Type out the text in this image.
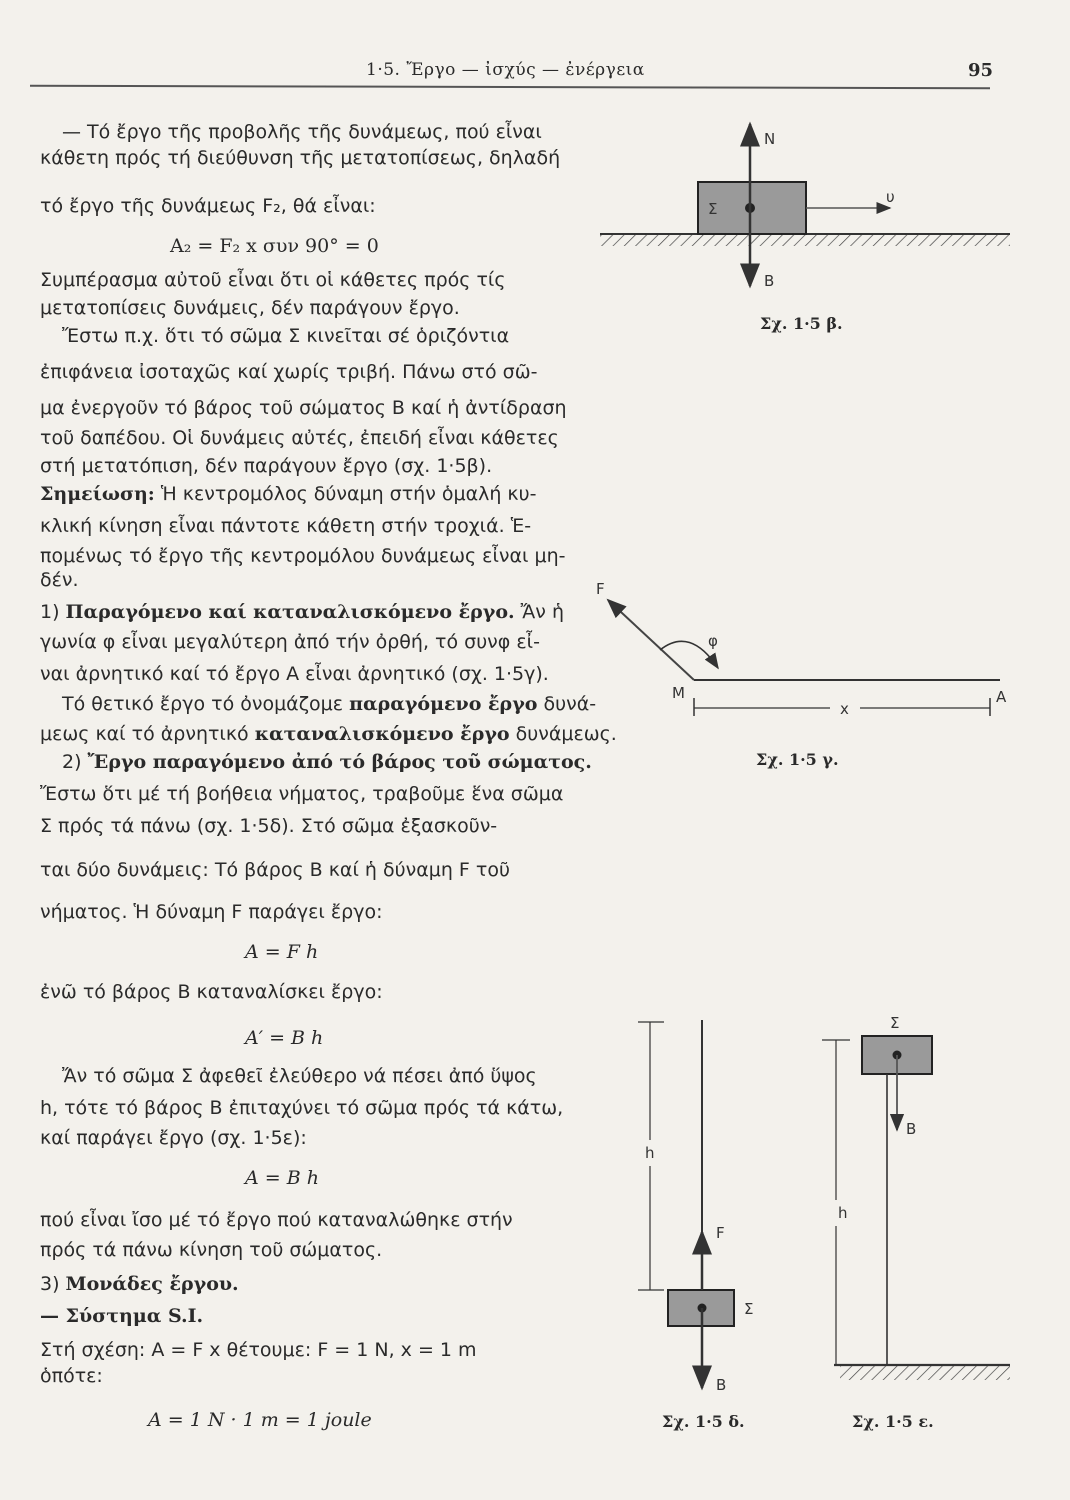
1·5. Ἔργο — ἰσχύς — ἐνέργεια	95
— Τό ἔργο τῆς προβολῆς τῆς δυνάμεως, πού εἶναι
κάθετη πρός τή διεύθυνση τῆς μετατοπίσεως, δηλαδή
τό ἔργο τῆς δυνάμεως F₂, θά εἶναι:
A₂ = F₂ x συν 90° = 0
Συμπέρασμα αὐτοῦ εἶναι ὅτι οἱ κάθετες πρός τίς
μετατοπίσεις δυνάμεις, δέν παράγουν ἔργο.
Ἔστω π.χ. ὅτι τό σῶμα Σ κινεῖται σέ ὁριζόντια
ἐπιφάνεια ἰσοταχῶς καί χωρίς τριβή. Πάνω στό σῶ-
μα ἐνεργοῦν τό βάρος τοῦ σώματος B καί ἡ ἀντίδραση
τοῦ δαπέδου. Οἱ δυνάμεις αὐτές, ἐπειδή εἶναι κάθετες
στή μετατόπιση, δέν παράγουν ἔργο (σχ. 1·5β).
Σημείωση: Ἡ κεντρομόλος δύναμη στήν ὁμαλή κυ-
κλική κίνηση εἶναι πάντοτε κάθετη στήν τροχιά. Ἑ-
πομένως τό ἔργο τῆς κεντρομόλου δυνάμεως εἶναι μη-
δέν.
1) Παραγόμενο καί καταναλισκόμενο ἔργο. Ἄν ἡ
γωνία φ εἶναι μεγαλύτερη ἀπό τήν ὀρθή, τό συνφ εἶ-
ναι ἀρνητικό καί τό ἔργο A εἶναι ἀρνητικό (σχ. 1·5γ).
Τό θετικό ἔργο τό ὀνομάζομε παραγόμενο ἔργο δυνά-
μεως καί τό ἀρνητικό καταναλισκόμενο ἔργο δυνάμεως.
2) Ἔργο παραγόμενο ἀπό τό βάρος τοῦ σώματος.
Ἔστω ὅτι μέ τή βοήθεια νήματος, τραβοῦμε ἕνα σῶμα
Σ πρός τά πάνω (σχ. 1·5δ). Στό σῶμα ἐξασκοῦν-
ται δύο δυνάμεις: Τό βάρος B καί ἡ δύναμη F τοῦ
νήματος. Ἡ δύναμη F παράγει ἔργο:
A = F h
ἐνῶ τό βάρος B καταναλίσκει ἔργο:
A′ = B h
Ἄν τό σῶμα Σ ἀφεθεῖ ἐλεύθερο νά πέσει ἀπό ὕψος
h, τότε τό βάρος B ἐπιταχύνει τό σῶμα πρός τά κάτω,
καί παράγει ἔργο (σχ. 1·5ε):
A = B h
πού εἶναι ἴσο μέ τό ἔργο πού καταναλώθηκε στήν
πρός τά πάνω κίνηση τοῦ σώματος.
3) Μονάδες ἔργου.
— Σύστημα S.I.
Στή σχέση: A = F x θέτουμε: F = 1 N, x = 1 m
ὁπότε:
A = 1 N · 1 m = 1 joule
Σ
N
υ
B
Σχ. 1·5 β.
F
φ
M	A
x
Σχ. 1·5 γ.
h
F
Σ
B
Σχ. 1·5 δ.
Σ
B
h
Σχ. 1·5 ε.
